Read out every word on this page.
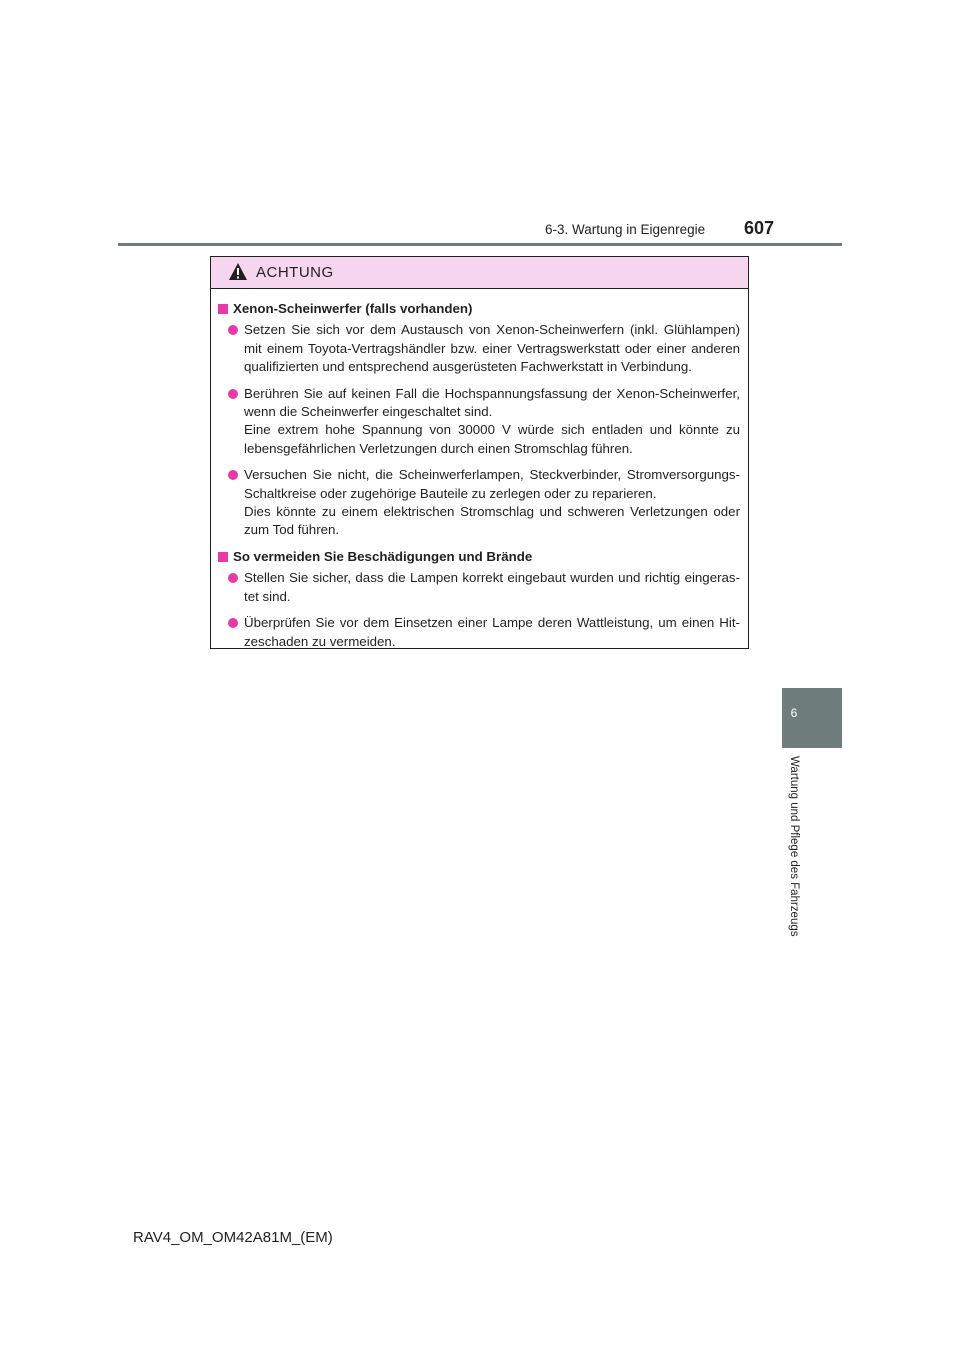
6-3. Wartung in Eigenregie 607
6
Wartung und Pflege des Fahrzeugs
ACHTUNG
Xenon-Scheinwerfer (falls vorhanden)
Setzen Sie sich vor dem Austausch von Xenon-Scheinwerfern (inkl. Glühlampen) mit einem Toyota-Vertragshändler bzw. einer Vertragswerkstatt oder einer anderen qualifizierten und entsprechend ausgerüsteten Fachwerkstatt in Verbindung.
Berühren Sie auf keinen Fall die Hochspannungsfassung der Xenon-Scheinwerfer, wenn die Scheinwerfer eingeschaltet sind.
Eine extrem hohe Spannung von 30000 V würde sich entladen und könnte zu lebensgefährlichen Verletzungen durch einen Stromschlag führen.
Versuchen Sie nicht, die Scheinwerferlampen, Steckverbinder, Stromversorgungs-Schaltkreise oder zugehörige Bauteile zu zerlegen oder zu reparieren.
Dies könnte zu einem elektrischen Stromschlag und schweren Verletzungen oder zum Tod führen.
So vermeiden Sie Beschädigungen und Brände
Stellen Sie sicher, dass die Lampen korrekt eingebaut wurden und richtig eingeras-tet sind.
Überprüfen Sie vor dem Einsetzen einer Lampe deren Wattleistung, um einen Hit-zeschaden zu vermeiden.
RAV4_OM_OM42A81M_(EM)
